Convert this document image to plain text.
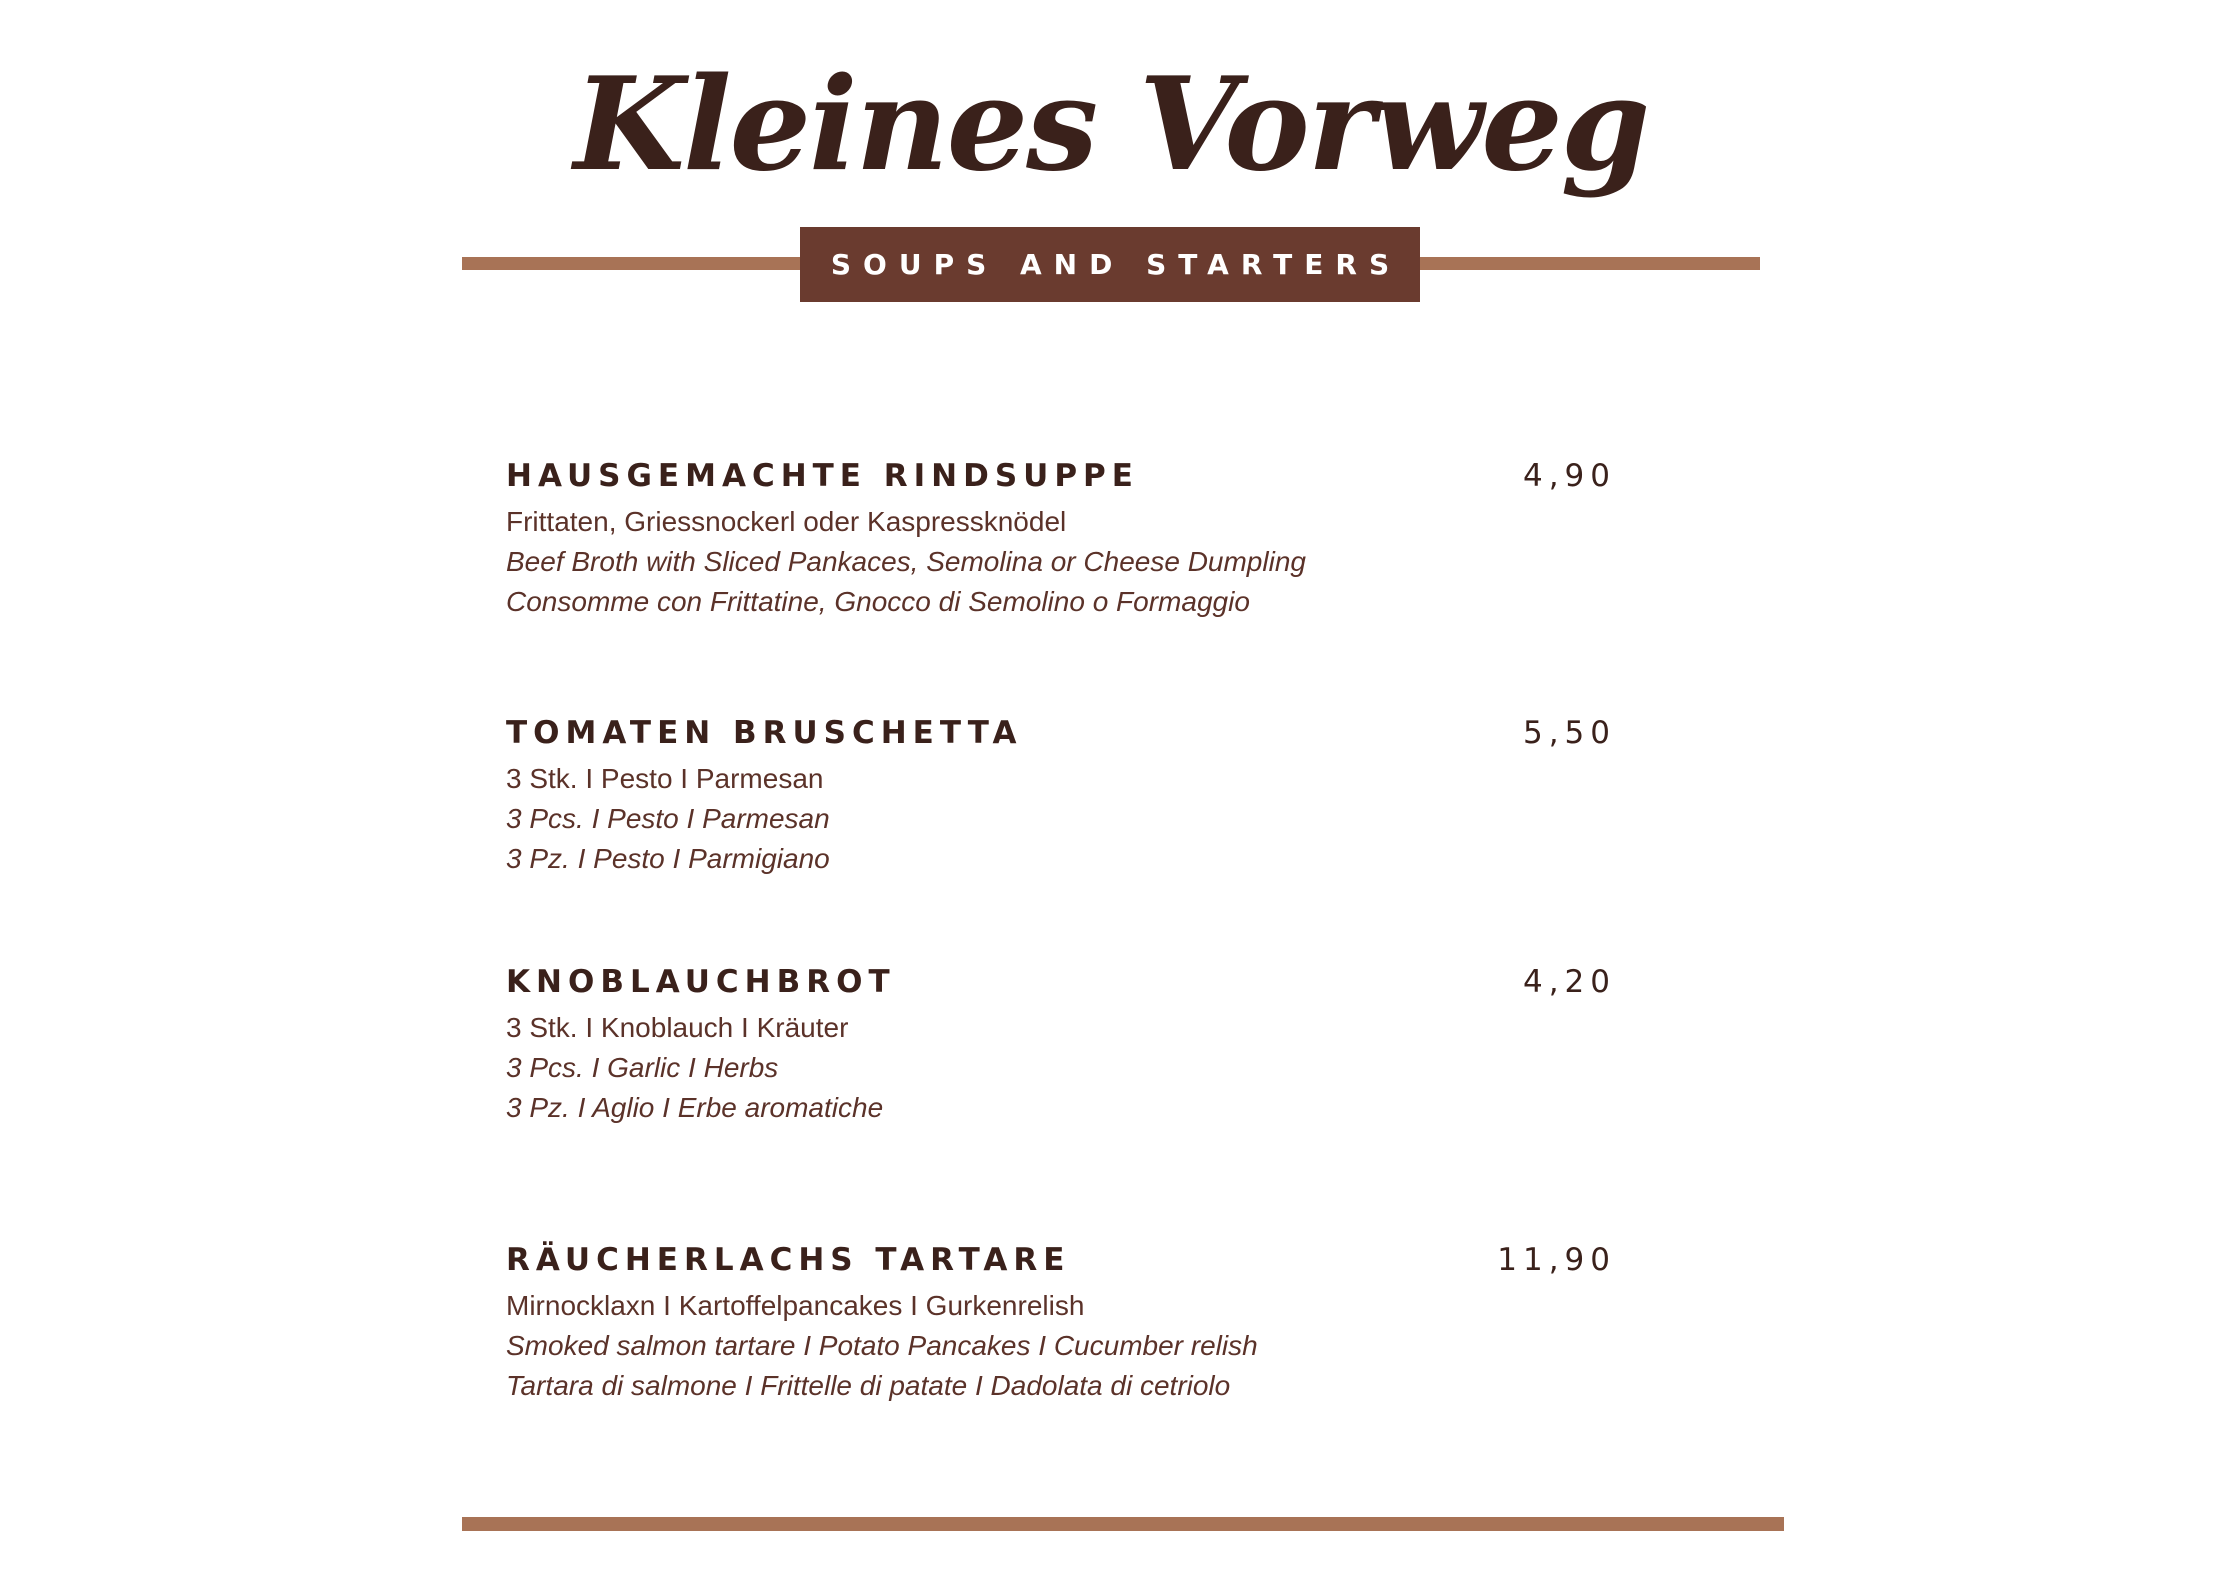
Kleines Vorweg
SOUPS AND STARTERS
HAUSGEMACHTE RINDSUPPE	4,90
Frittaten, Griessnockerl oder Kaspressknödel
Beef Broth with Sliced Pankaces, Semolina or Cheese Dumpling
Consomme con Frittatine, Gnocco di Semolino o Formaggio
TOMATEN BRUSCHETTA	5,50
3 Stk. I Pesto I Parmesan
3 Pcs. I Pesto I Parmesan
3 Pz. I Pesto I Parmigiano
KNOBLAUCHBROT	4,20
3 Stk. I Knoblauch I Kräuter
3 Pcs. I Garlic I Herbs
3 Pz. I Aglio I Erbe aromatiche
RÄUCHERLACHS TARTARE	11,90
Mirnocklaxn I Kartoffelpancakes I Gurkenrelish
Smoked salmon tartare I Potato Pancakes I Cucumber relish
Tartara di salmone I Frittelle di patate I Dadolata di cetriolo
